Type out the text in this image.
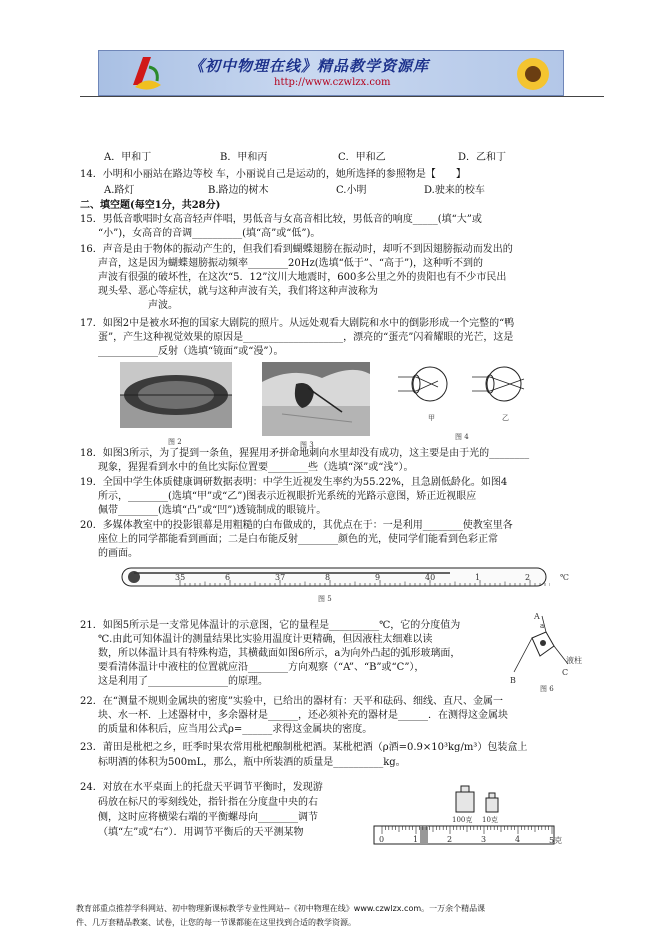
《初中物理在线》精品教学资源库
http://www.czwlzx.com
A．甲和丁	B．甲和丙	C．甲和乙	D．乙和丁
14．小明和小丽站在路边等校 车，小丽说自己是运动的，她所选择的参照物是【　　】
A.路灯	B.路边的树木	C.小明	D.驶来的校车
二、填空题(每空1分，共28分)
15．男低音歌唱时女高音轻声伴唱，男低音与女高音相比较，男低音的响度_____(填“大”或
“小”)，女高音的音调__________(填“高”或“低”)。
16．声音是由于物体的振动产生的，但我们看到蝴蝶翅膀在振动时，却听不到因翅膀振动而发出的
声音，这是因为蝴蝶翅膀振动频率________20Hz(选填“低于”、“高于”)，这种听不到的
声波有很强的破坏性，在这次“5．12”汶川大地震时，600多公里之外的贵阳也有不少市民出
现头晕、恶心等症状，就与这种声波有关，我们将这种声波称为
声波。
17．如图2中是被水环抱的国家大剧院的照片。从远处观看大剧院和水中的倒影形成一个完整的“鸭
蛋”，产生这种视觉效果的原因是____________________，漂亮的“蛋壳”闪着耀眼的光芒，这是
____________反射（选填“镜面”或“漫”）。
图 2	图 3
甲	乙
图 4
18．如图3所示，为了提到一条鱼，猩猩用矛拼命地刺向水里却没有成功，这主要是由于光的________
现象，猩猩看到水中的鱼比实际位置要________些（选填“深”或“浅”）。
19．全国中学生体质健康调研数据表明：中学生近视发生率约为55.22%，且急剧低龄化。如图4
所示，________(选填“甲”或“乙”)图表示近视眼折光系统的光路示意图，矫正近视眼应
佩带________(选填“凸”或“凹”)透镜制成的眼镜片。
20．多媒体教室中的投影银幕是用粗糙的白布做成的，其优点在于：一是利用________使教室里各
座位上的同学都能看到画面；二是白布能反射________颜色的光，使同学们能看到色彩正常
的画面。
35	6	37	8	9	40	1	2	℃
图 5
21．如图5所示是一支常见体温计的示意图，它的量程是__________℃，它的分度值为
℃.由此可知体温计的测量结果比实验用温度计更精确，但因液柱太细难以读
数，所以体温计具有特殊构造，其横截面如图6所示，a为向外凸起的弧形玻璃面，
要看清体温计中液柱的位置就应沿________方向观察（“A”、“B”或“C”），
这是利用了________________的原理。
a
A
液柱
B
C
图 6
22．在“测量不规则金属块的密度”实验中，已给出的器材有：天平和砝码、细线、直尺、金属一
块、水一杯．上述器材中，多余器材是______，还必须补充的器材是______．在测得这金属块
的质量和体积后，应当用公式ρ=______求得这金属块的密度。
23．莆田是枇杷之乡，旺季时果农常用枇杷酿制枇杷酒。某枇杷酒（ρ酒=0.9×10³kg/m³）包装盒上
标明酒的体积为500mL，那么，瓶中所装酒的质量是__________kg。
24．对放在水平桌面上的托盘天平调节平衡时，发现游
码放在标尺的零刻线处，指针指在分度盘中央的右
侧，这时应将横梁右端的平衡螺母向________调节
（填“左”或“右”）．用调节平衡后的天平测某物
100克 10克
0	1	2	3	4	5克
教育部重点推荐学科网站、初中物理新课标教学专业性网站--《初中物理在线》www.czwlzx.com。一万余个精品课
件、几万套精品教案、试卷，让您的每一节课都能在这里找到合适的教学资源。
